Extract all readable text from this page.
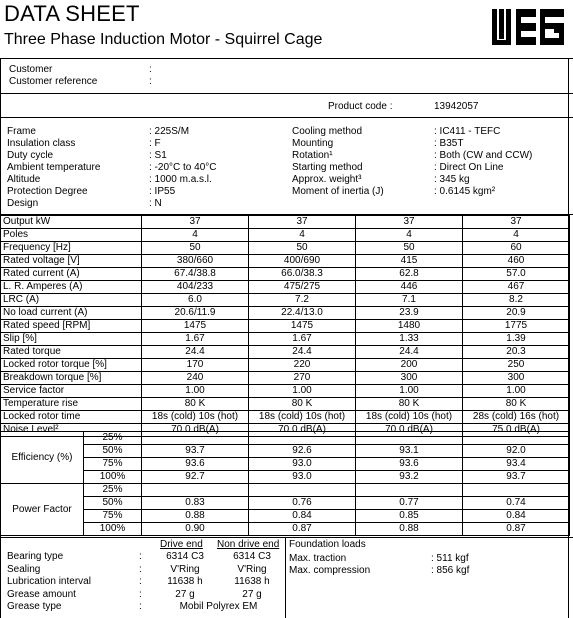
DATA SHEET
Three Phase Induction Motor - Squirrel Cage
Customer	:
Customer reference	:
Product code :	13942057
Frame	: 225S/M
Insulation class	: F
Duty cycle	: S1
Ambient temperature	: -20°C to 40°C
Altitude	: 1000 m.a.s.l.
Protection Degree	: IP55
Design	: N
Cooling method	: IC411 - TEFC
Mounting	: B35T
Rotation¹	: Both (CW and CCW)
Starting method	: Direct On Line
Approx. weight³	: 345 kg
Moment of inertia (J)	: 0.6145 kgm²
Output kW	37	37	37	37
Poles	4	4	4	4
Frequency [Hz]	50	50	50	60
Rated voltage [V]	380/660	400/690	415	460
Rated current (A)	67.4/38.8	66.0/38.3	62.8	57.0
L. R. Amperes (A)	404/233	475/275	446	467
LRC (A)	6.0	7.2	7.1	8.2
No load current (A)	20.6/11.9	22.4/13.0	23.9	20.9
Rated speed [RPM]	1475	1475	1480	1775
Slip [%]	1.67	1.67	1.33	1.39
Rated torque	24.4	24.4	24.4	20.3
Locked rotor torque [%]	170	220	200	250
Breakdown torque [%]	240	270	300	300
Service factor	1.00	1.00	1.00	1.00
Temperature rise	80 K	80 K	80 K	80 K
Locked rotor time	18s (cold) 10s (hot)	18s (cold) 10s (hot)	18s (cold) 10s (hot)	28s (cold) 16s (hot)
Noise Level²	70.0 dB(A)	70.0 dB(A)	70.0 dB(A)	75.0 dB(A)
Efficiency (%)	25%				
	50%	93.7	92.6	93.1	92.0
	75%	93.6	93.0	93.6	93.4
	100%	92.7	93.0	93.2	93.7
Power Factor	25%				
	50%	0.83	0.76	0.77	0.74
	75%	0.88	0.84	0.85	0.84
	100%	0.90	0.87	0.88	0.87
Drive end Non drive end
Bearing type	:	6314 C3	6314 C3
Sealing	:	V'Ring	V'Ring
Lubrication interval	:	11638 h	11638 h
Grease amount	:	27 g	27 g
Grease type	:	Mobil Polyrex EM
Foundation loads
Max. traction	: 511 kgf
Max. compression	: 856 kgf
